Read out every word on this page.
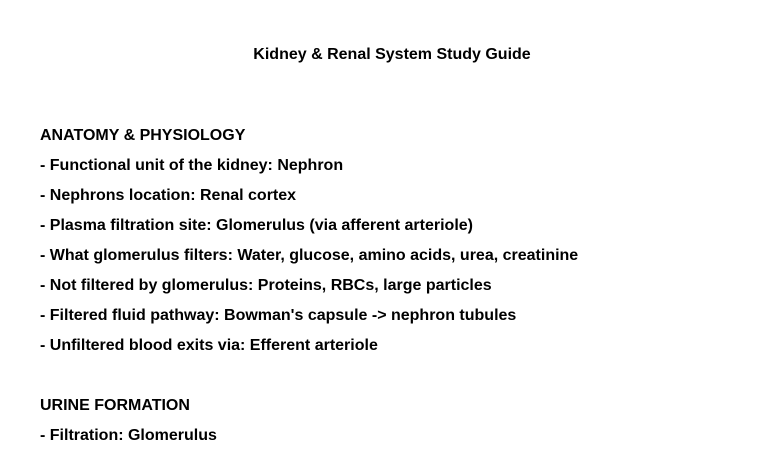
Kidney & Renal System Study Guide
ANATOMY & PHYSIOLOGY
- Functional unit of the kidney: Nephron
- Nephrons location: Renal cortex
- Plasma filtration site: Glomerulus (via afferent arteriole)
- What glomerulus filters: Water, glucose, amino acids, urea, creatinine
- Not filtered by glomerulus: Proteins, RBCs, large particles
- Filtered fluid pathway: Bowman's capsule -> nephron tubules
- Unfiltered blood exits via: Efferent arteriole
URINE FORMATION
- Filtration: Glomerulus
